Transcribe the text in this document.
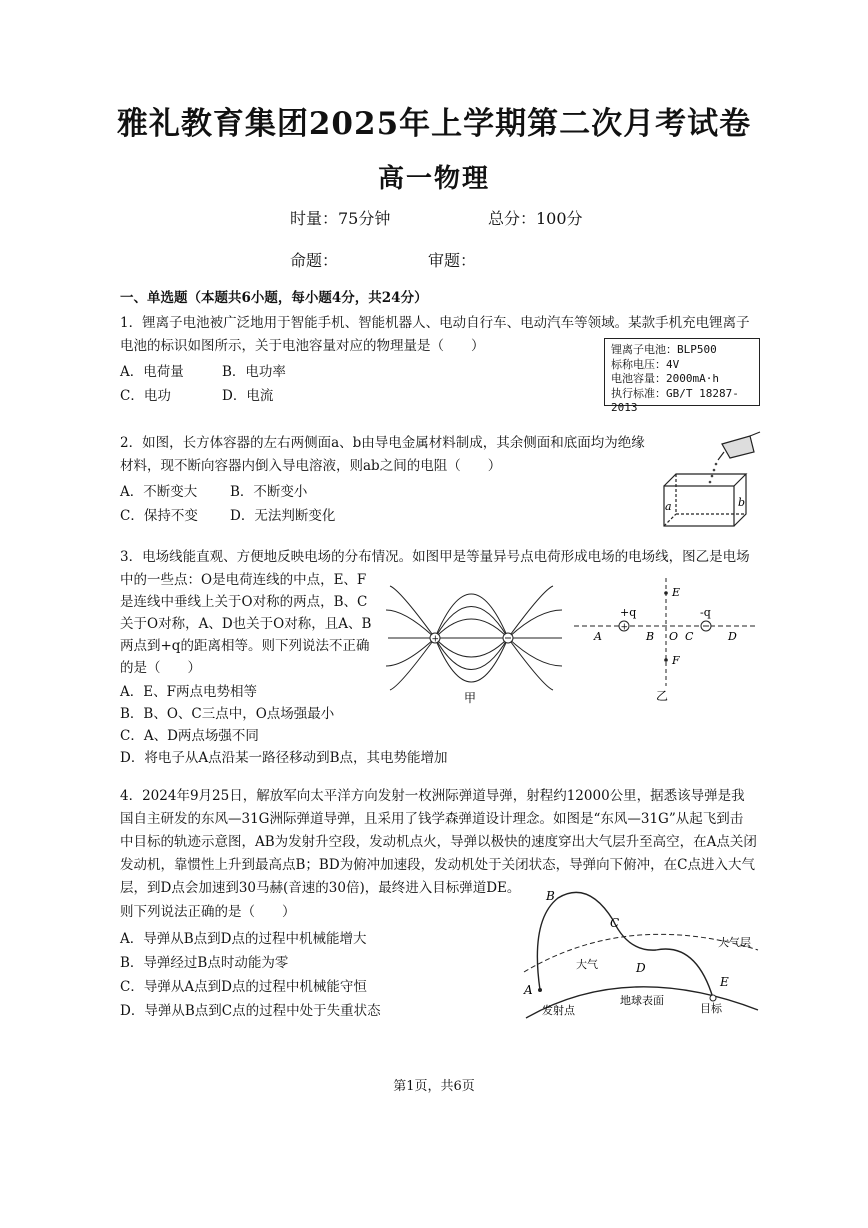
雅礼教育集团2025年上学期第二次月考试卷
高一物理
时量：75分钟	总分：100分
命题：	审题：
一、单选题（本题共6小题，每小题4分，共24分）
1．锂离子电池被广泛地用于智能手机、智能机器人、电动自行车、电动汽车等领域。某款手机充电锂离子
电池的标识如图所示，关于电池容量对应的物理量是（　　）
A．电荷量	B．电功率
C．电功	D．电流
锂离子电池：BLP500
标称电压：4V
电池容量：2000mA·h
执行标准：GB/T 18287-2013
2．如图，长方体容器的左右两侧面a、b由导电金属材料制成，其余侧面和底面均为绝缘
材料，现不断向容器内倒入导电溶液，则ab之间的电阻（　　）
A．不断变大 B．不断变小
C．保持不变 D．无法判断变化
a	b
3．电场线能直观、方便地反映电场的分布情况。如图甲是等量异号点电荷形成电场的电场线，图乙是电场
中的一些点：O是电荷连线的中点，E、F
是连线中垂线上关于O对称的两点，B、C
关于O对称，A、D也关于O对称，且A、B
两点到+q的距离相等。则下列说法不正确
的是（　　）
A．E、F两点电势相等
B．B、O、C三点中，O点场强最小
C．A、D两点场强不同
D．将电子从A点沿某一路径移动到B点，其电势能增加
+
甲
+
+q	-q
A	B O C	D
E
F
乙
4．2024年9月25日，解放军向太平洋方向发射一枚洲际弹道导弹，射程约12000公里，据悉该导弹是我
国自主研发的东风—31G洲际弹道导弹，且采用了钱学森弹道设计理念。如图是“东风—31G”从起飞到击
中目标的轨迹示意图，AB为发射升空段，发动机点火，导弹以极快的速度穿出大气层升至高空，在A点关闭
发动机，靠惯性上升到最高点B；BD为俯冲加速段，发动机处于关闭状态，导弹向下俯冲，在C点进入大气
层，到D点会加速到30马赫(音速的30倍)，最终进入目标弹道DE。
则下列说法正确的是（　　）
A．导弹从B点到D点的过程中机械能增大
B．导弹经过B点时动能为零
C．导弹从A点到D点的过程中机械能守恒
D．导弹从B点到C点的过程中处于失重状态
B
C
D
A
E
大气层
大气
地球表面
发射点	目标
第1页，共6页
